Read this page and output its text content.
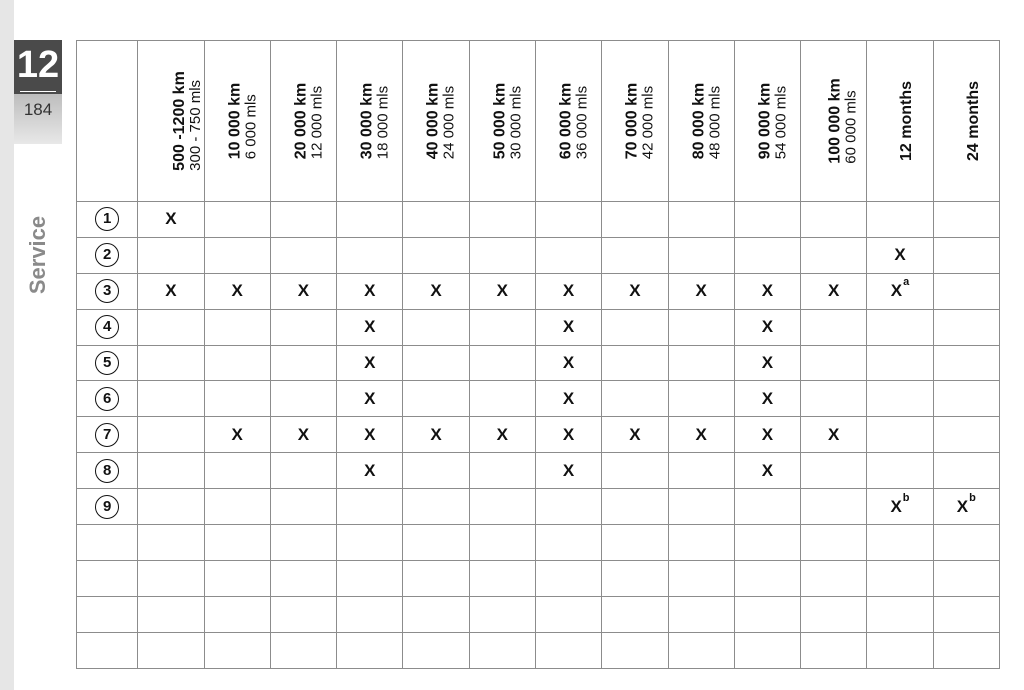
12
184
Service

	500 -1200 km 300 - 750 mls	10 000 km 6 000 mls	20 000 km 12 000 mls	30 000 km 18 000 mls	40 000 km 24 000 mls	50 000 km 30 000 mls	60 000 km 36 000 mls	70 000 km 42 000 mls	80 000 km 48 000 mls	90 000 km 54 000 mls	100 000 km 60 000 mls	12 months	24 months

1	X												
2												X	
3	X	X	X	X	X	X	X	X	X	X	X	$X^a$	
4				X			X			X			
5				X			X			X			
6				X			X			X			
7		X	X	X	X	X	X	X	X	X	X		
8				X			X			X			
9												$X^b$	$X^b$
